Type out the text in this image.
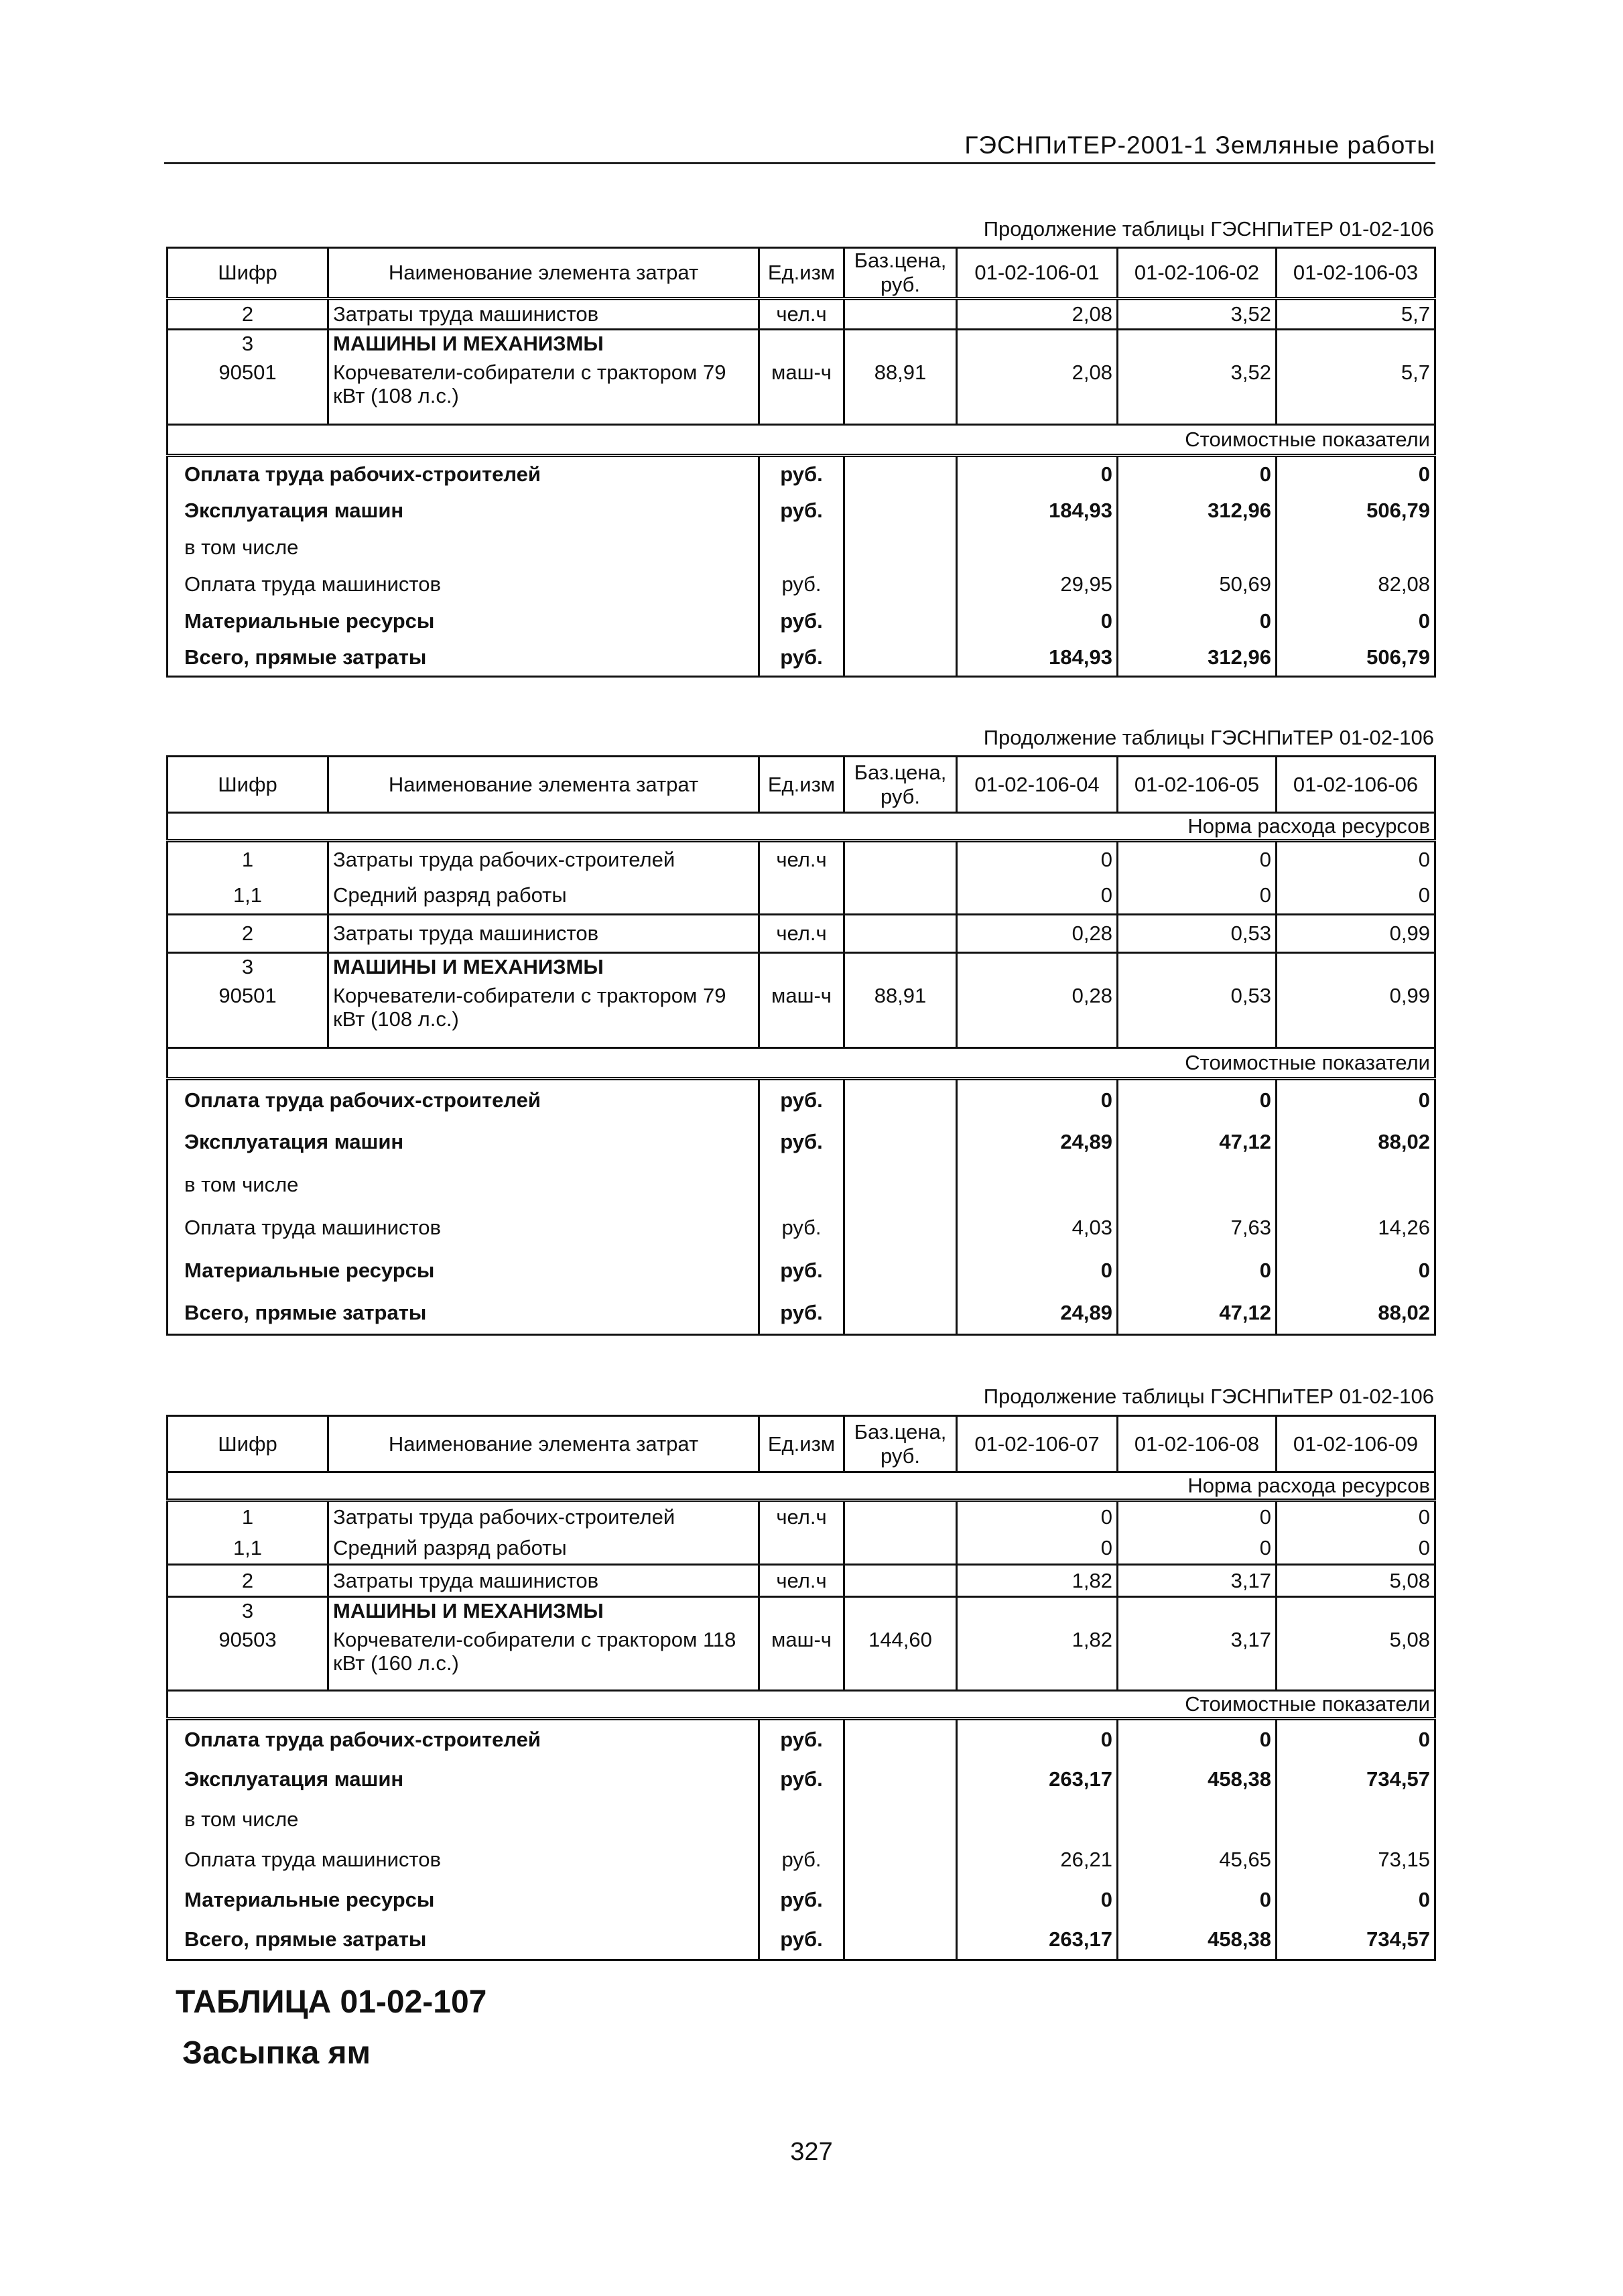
ГЭСНПиТЕР-2001-1 Земляные работы
Продолжение таблицы ГЭСНПиТЕР 01-02-106
Шифр	Наименование элемента затрат	Ед.изм	Баз.цена, руб.	01-02-106-01	01-02-106-02	01-02-106-03
2	Затраты труда машинистов	чел.ч		2,08	3,52	5,7
3	МАШИНЫ И МЕХАНИЗМЫ					
90501	Корчеватели-собиратели с трактором 79 кВт (108 л.с.)	маш-ч	88,91	2,08	3,52	5,7
Стоимостные показатели						
Оплата труда рабочих-строителей		руб.		0	0	0
Эксплуатация машин		руб.		184,93	312,96	506,79
в том числе						
Оплата труда машинистов		руб.		29,95	50,69	82,08
Материальные ресурсы		руб.		0	0	0
Всего, прямые затраты		руб.		184,93	312,96	506,79
Продолжение таблицы ГЭСНПиТЕР 01-02-106
Шифр	Наименование элемента затрат	Ед.изм	Баз.цена, руб.	01-02-106-04	01-02-106-05	01-02-106-06
Норма расхода ресурсов						
1	Затраты труда рабочих-строителей	чел.ч		0	0	0
1,1	Средний разряд работы			0	0	0
2	Затраты труда машинистов	чел.ч		0,28	0,53	0,99
3	МАШИНЫ И МЕХАНИЗМЫ					
90501	Корчеватели-собиратели с трактором 79 кВт (108 л.с.)	маш-ч	88,91	0,28	0,53	0,99
Стоимостные показатели						
Оплата труда рабочих-строителей		руб.		0	0	0
Эксплуатация машин		руб.		24,89	47,12	88,02
в том числе						
Оплата труда машинистов		руб.		4,03	7,63	14,26
Материальные ресурсы		руб.		0	0	0
Всего, прямые затраты		руб.		24,89	47,12	88,02
Продолжение таблицы ГЭСНПиТЕР 01-02-106
Шифр	Наименование элемента затрат	Ед.изм	Баз.цена, руб.	01-02-106-07	01-02-106-08	01-02-106-09
Норма расхода ресурсов						
1	Затраты труда рабочих-строителей	чел.ч		0	0	0
1,1	Средний разряд работы			0	0	0
2	Затраты труда машинистов	чел.ч		1,82	3,17	5,08
3	МАШИНЫ И МЕХАНИЗМЫ					
90503	Корчеватели-собиратели с трактором 118 кВт (160 л.с.)	маш-ч	144,60	1,82	3,17	5,08
Стоимостные показатели						
Оплата труда рабочих-строителей		руб.		0	0	0
Эксплуатация машин		руб.		263,17	458,38	734,57
в том числе						
Оплата труда машинистов		руб.		26,21	45,65	73,15
Материальные ресурсы		руб.		0	0	0
Всего, прямые затраты		руб.		263,17	458,38	734,57
ТАБЛИЦА 01-02-107
Засыпка ям
327
